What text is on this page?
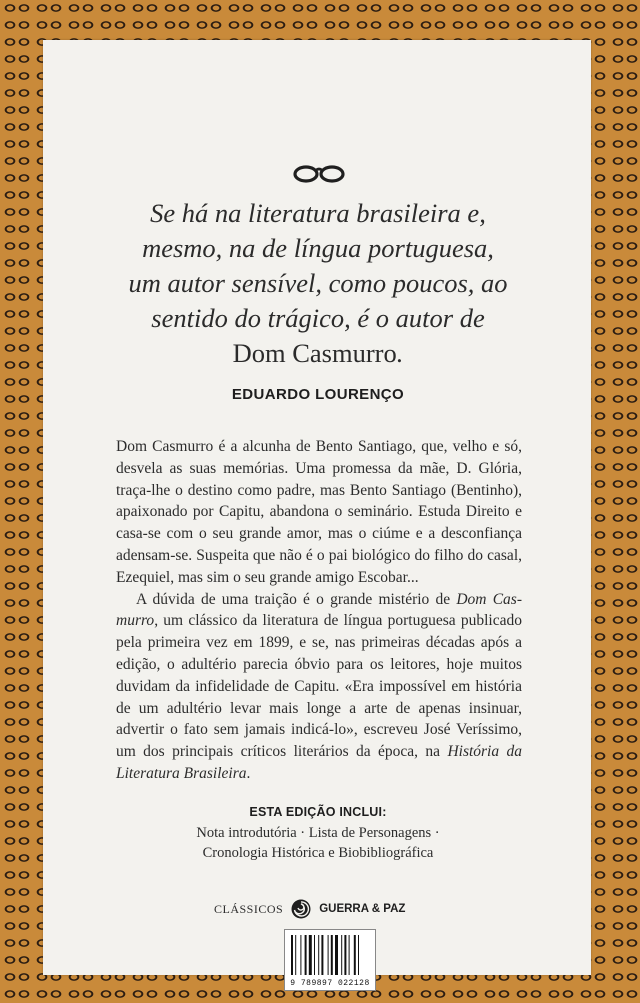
Se há na literatura brasileira e,
mesmo, na de língua portuguesa,
um autor sensível, como poucos, ao
sentido do trágico, é o autor de
Dom Casmurro.
EDUARDO LOURENÇO

Dom Casmurro é a alcunha de Bento Santiago, que, velho e só, desvela as suas memórias. Uma promessa da mãe, D. Glória, traça-lhe o destino como padre, mas Bento Santiago (Bentinho), apaixonado por Capitu, abandona o seminário. Estuda Direito e casa-se com o seu grande amor, mas o ciúme e a desconfiança adensam-se. Suspeita que não é o pai biológico do filho do casal, Ezequiel, mas sim o seu grande amigo Escobar...

A dúvida de uma traição é o grande mistério de Dom Casmurro, um clássico da literatura de língua portuguesa publicado pela primeira vez em 1899, e se, nas primeiras décadas após a edição, o adultério parecia óbvio para os leitores, hoje muitos duvidam da infidelidade de Capitu. «Era impossível em história de um adultério levar mais longe a arte de apenas insinuar, advertir o fato sem jamais indicá-lo», escreveu José Veríssimo, um dos principais críticos literários da época, na História da Literatura Brasileira.

ESTA EDIÇÃO INCLUI:
Nota introdutória · Lista de Personagens ·
Cronologia Histórica e Biobibliográfica
CLÁSSICOS	GUERRA & PAZ
9 789897 022128
